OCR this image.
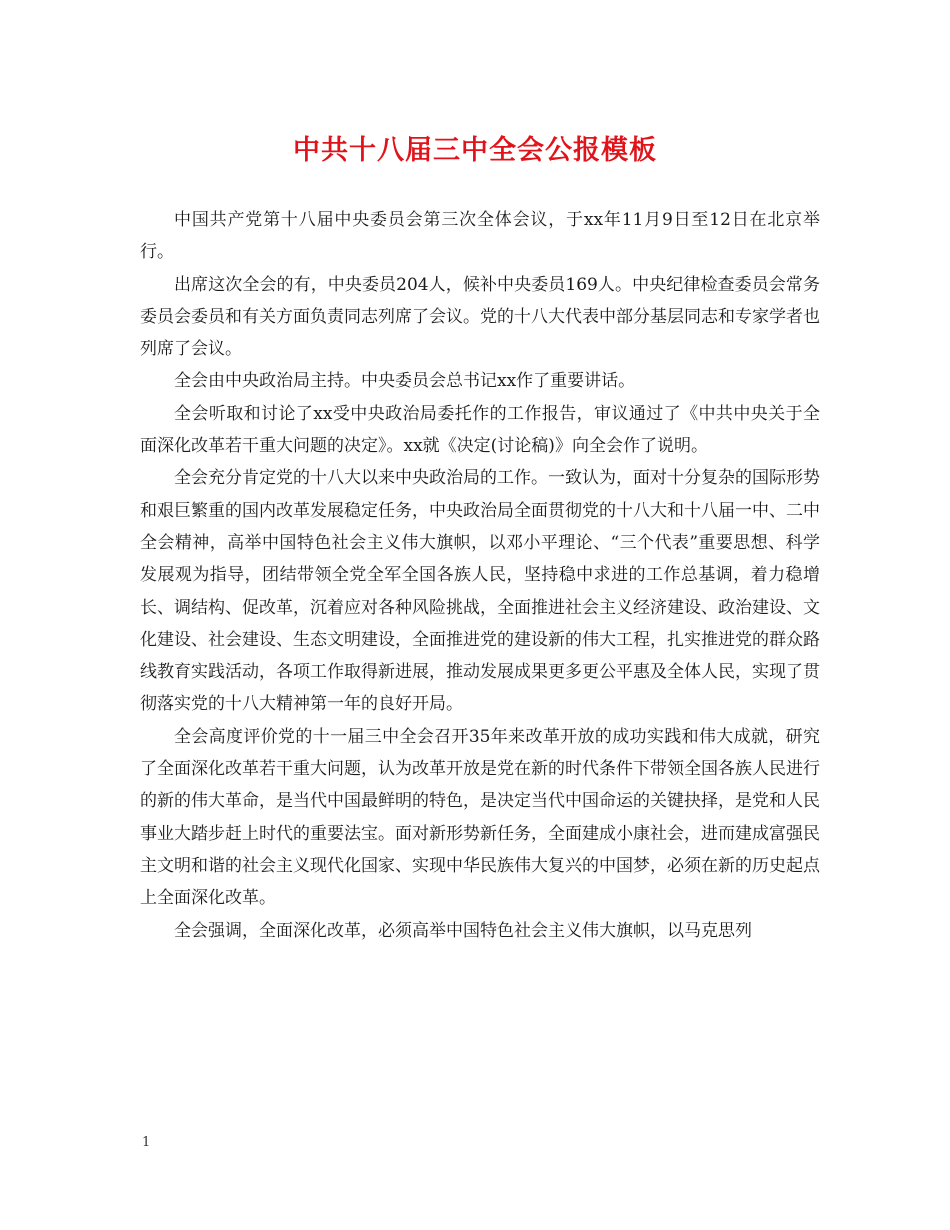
中共十八届三中全会公报模板

中国共产党第十八届中央委员会第三次全体会议，于xx年11月9日至12日在北京举行。

出席这次全会的有，中央委员204人，候补中央委员169人。中央纪律检查委员会常务委员会委员和有关方面负责同志列席了会议。党的十八大代表中部分基层同志和专家学者也列席了会议。

全会由中央政治局主持。中央委员会总书记xx作了重要讲话。

全会听取和讨论了xx受中央政治局委托作的工作报告，审议通过了《中共中央关于全面深化改革若干重大问题的决定》。xx就《决定(讨论稿)》向全会作了说明。

全会充分肯定党的十八大以来中央政治局的工作。一致认为，面对十分复杂的国际形势和艰巨繁重的国内改革发展稳定任务，中央政治局全面贯彻党的十八大和十八届一中、二中全会精神，高举中国特色社会主义伟大旗帜，以邓小平理论、“三个代表”重要思想、科学发展观为指导，团结带领全党全军全国各族人民，坚持稳中求进的工作总基调，着力稳增长、调结构、促改革，沉着应对各种风险挑战，全面推进社会主义经济建设、政治建设、文化建设、社会建设、生态文明建设，全面推进党的建设新的伟大工程，扎实推进党的群众路线教育实践活动，各项工作取得新进展，推动发展成果更多更公平惠及全体人民，实现了贯彻落实党的十八大精神第一年的良好开局。

全会高度评价党的十一届三中全会召开35年来改革开放的成功实践和伟大成就，研究了全面深化改革若干重大问题，认为改革开放是党在新的时代条件下带领全国各族人民进行的新的伟大革命，是当代中国最鲜明的特色，是决定当代中国命运的关键抉择，是党和人民事业大踏步赶上时代的重要法宝。面对新形势新任务，全面建成小康社会，进而建成富强民主文明和谐的社会主义现代化国家、实现中华民族伟大复兴的中国梦，必须在新的历史起点上全面深化改革。

全会强调，全面深化改革，必须高举中国特色社会主义伟大旗帜，以马克思列

1
